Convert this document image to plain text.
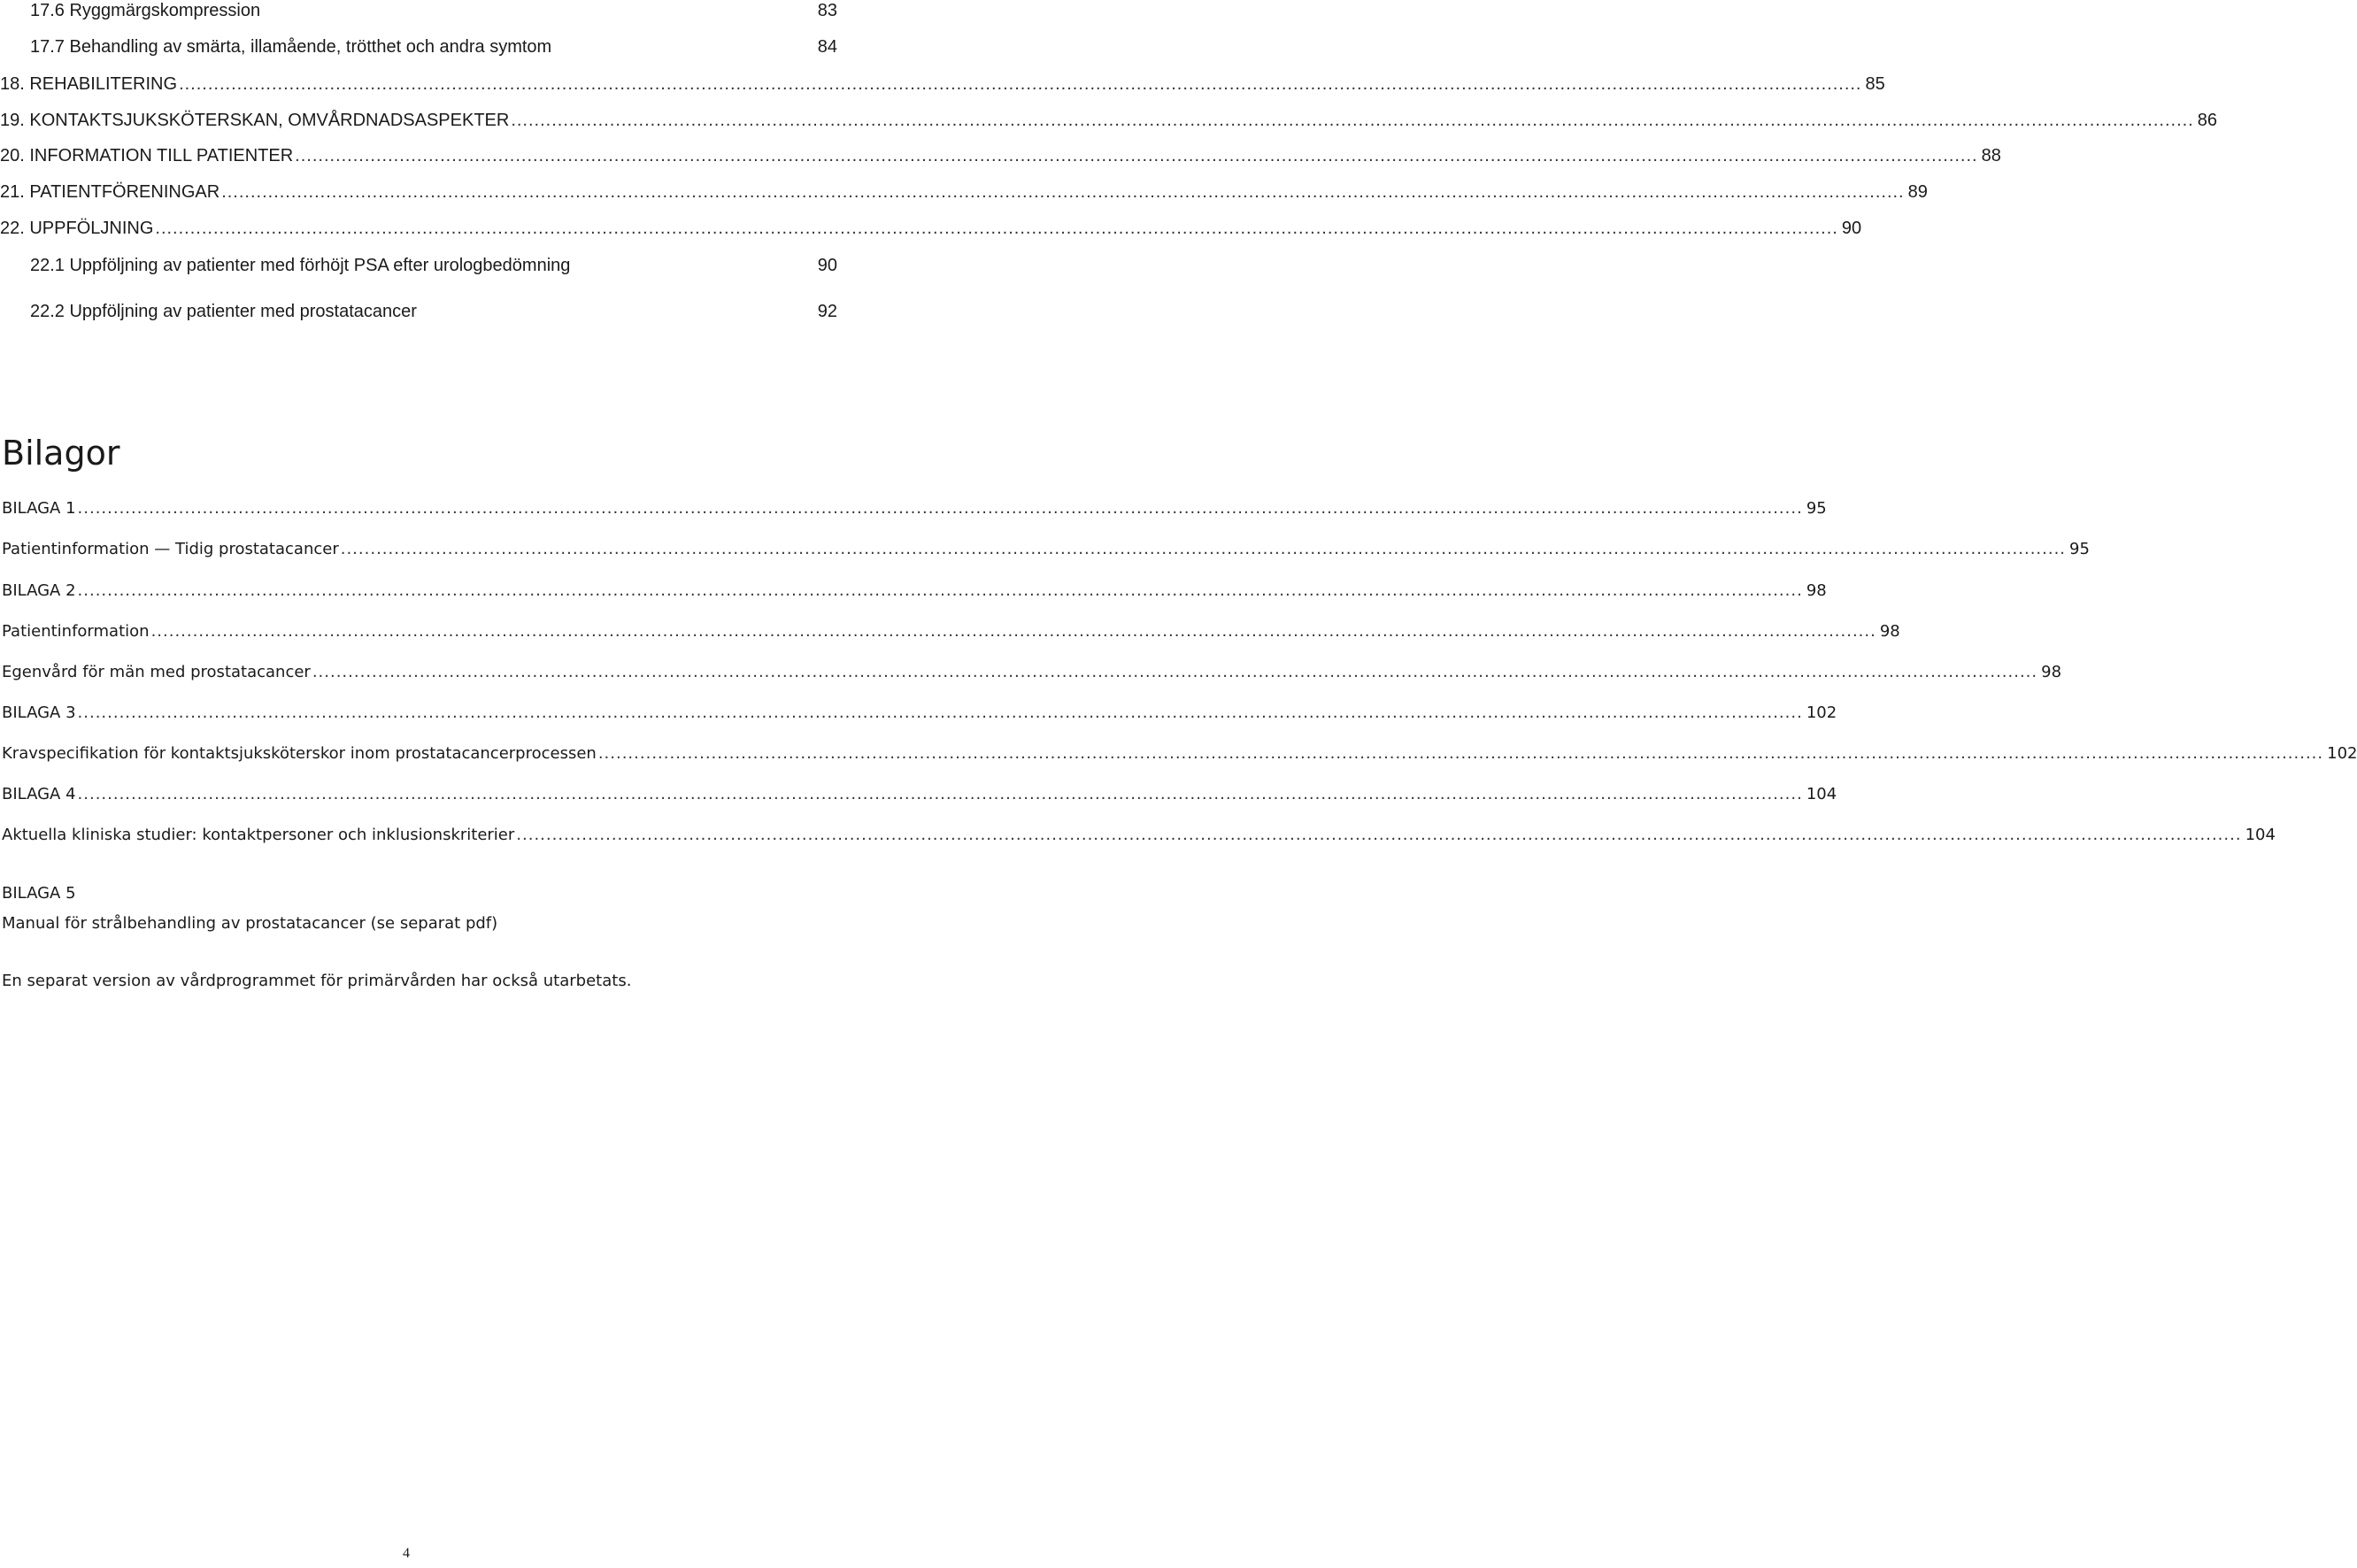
17.6 Ryggmärgskompression	83
17.7 Behandling av smärta, illamående, trötthet och andra symtom	84
18. REHABILITERING .....	85
19. KONTAKTSJUKSKÖTERSKAN, OMVÅRDNADSASPEKTER .....	86
20. INFORMATION TILL PATIENTER .....	88
21. PATIENTFÖRENINGAR .....	89
22. UPPFÖLJNING .....	90
22.1 Uppföljning av patienter med förhöjt PSA efter urologbedömning	90
22.2 Uppföljning av patienter med prostatacancer	92
Bilagor
BILAGA 1 .....	95
Patientinformation — Tidig prostatacancer .....	95
BILAGA 2 .....	98
Patientinformation .....	98
Egenvård för män med prostatacancer .....	98
BILAGA 3 .....	102
Kravspecifikation för kontaktsjuksköterskor inom prostatacancerprocessen .....	102
BILAGA 4 .....	104
Aktuella kliniska studier: kontaktpersoner och inklusionskriterier .....	104
BILAGA 5
Manual för strålbehandling av prostatacancer (se separat pdf)
En separat version av vårdprogrammet för primärvården har också utarbetats.
4
